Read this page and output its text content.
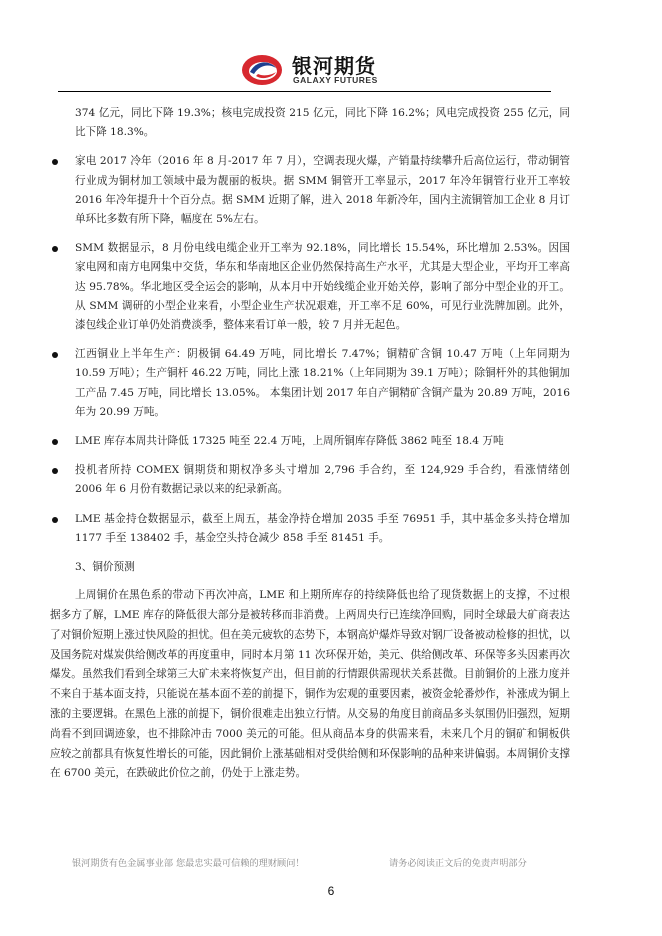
银河期货
GALAXY FUTURES
374 亿元，同比下降 19.3%；核电完成投资 215 亿元，同比下降 16.2%；风电完成投资 255 亿元，同比下降 18.3%。
家电 2017 冷年（2016 年 8 月-2017 年 7 月），空调表现火爆，产销量持续攀升后高位运行，带动铜管行业成为铜材加工领域中最为靓丽的板块。据 SMM 铜管开工率显示，2017 年冷年铜管行业开工率较 2016 年冷年提升十个百分点。据 SMM 近期了解，进入 2018 年新冷年，国内主流铜管加工企业 8 月订单环比多数有所下降，幅度在 5%左右。
SMM 数据显示，8 月份电线电缆企业开工率为 92.18%，同比增长 15.54%，环比增加 2.53%。因国家电网和南方电网集中交货，华东和华南地区企业仍然保持高生产水平，尤其是大型企业，平均开工率高达 95.78%。华北地区受全运会的影响，从本月中开始线缆企业开始关停，影响了部分中型企业的开工。从 SMM 调研的小型企业来看，小型企业生产状况艰难，开工率不足 60%，可见行业洗牌加剧。此外，漆包线企业订单仍处消费淡季，整体来看订单一般，较 7 月并无起色。
江西铜业上半年生产：阴极铜 64.49 万吨，同比增长 7.47%；铜精矿含铜 10.47 万吨（上年同期为 10.59 万吨）；生产铜杆 46.22 万吨，同比上涨 18.21%（上年同期为 39.1 万吨）；除铜杆外的其他铜加工产品 7.45 万吨，同比增长 13.05%。 本集团计划 2017 年自产铜精矿含铜产量为 20.89 万吨，2016 年为 20.99 万吨。
LME 库存本周共计降低 17325 吨至 22.4 万吨，上周所铜库存降低 3862 吨至 18.4 万吨
投机者所持 COMEX 铜期货和期权净多头寸增加 2,796 手合约，至 124,929 手合约，看涨情绪创 2006 年 6 月份有数据记录以来的纪录新高。
LME 基金持仓数据显示，截至上周五，基金净持仓增加 2035 手至 76951 手，其中基金多头持仓增加 1177 手至 138402 手，基金空头持仓减少 858 手至 81451 手。
3、铜价预测

上周铜价在黑色系的带动下再次冲高，LME 和上期所库存的持续降低也给了现货数据上的支撑，不过根据多方了解，LME 库存的降低很大部分是被转移而非消费。上两周央行已连续净回购，同时全球最大矿商表达了对铜价短期上涨过快风险的担忧。但在美元疲软的态势下，本钢高炉爆炸导致对钢厂设备被动检修的担忧，以及国务院对煤炭供给侧改革的再度重申，同时本月第 11 次环保开始，美元、供给侧改革、环保等多头因素再次爆发。虽然我们看到全球第三大矿未来将恢复产出，但目前的行情跟供需现状关系甚微。目前铜价的上涨力度并不来自于基本面支持，只能说在基本面不差的前提下，铜作为宏观的重要因素，被资金轮番炒作，补涨成为铜上涨的主要逻辑。在黑色上涨的前提下，铜价很难走出独立行情。从交易的角度目前商品多头氛围仍旧强烈，短期尚看不到回调迹象，也不排除冲击 7000 美元的可能。但从商品本身的供需来看，未来几个月的铜矿和铜板供应较之前都具有恢复性增长的可能，因此铜价上涨基础相对受供给侧和环保影响的品种来讲偏弱。本周铜价支撑在 6700 美元，在跌破此价位之前，仍处于上涨走势。

银河期货有色金属事业部 您最忠实最可信赖的理财顾问！	请务必阅读正文后的免责声明部分
6
